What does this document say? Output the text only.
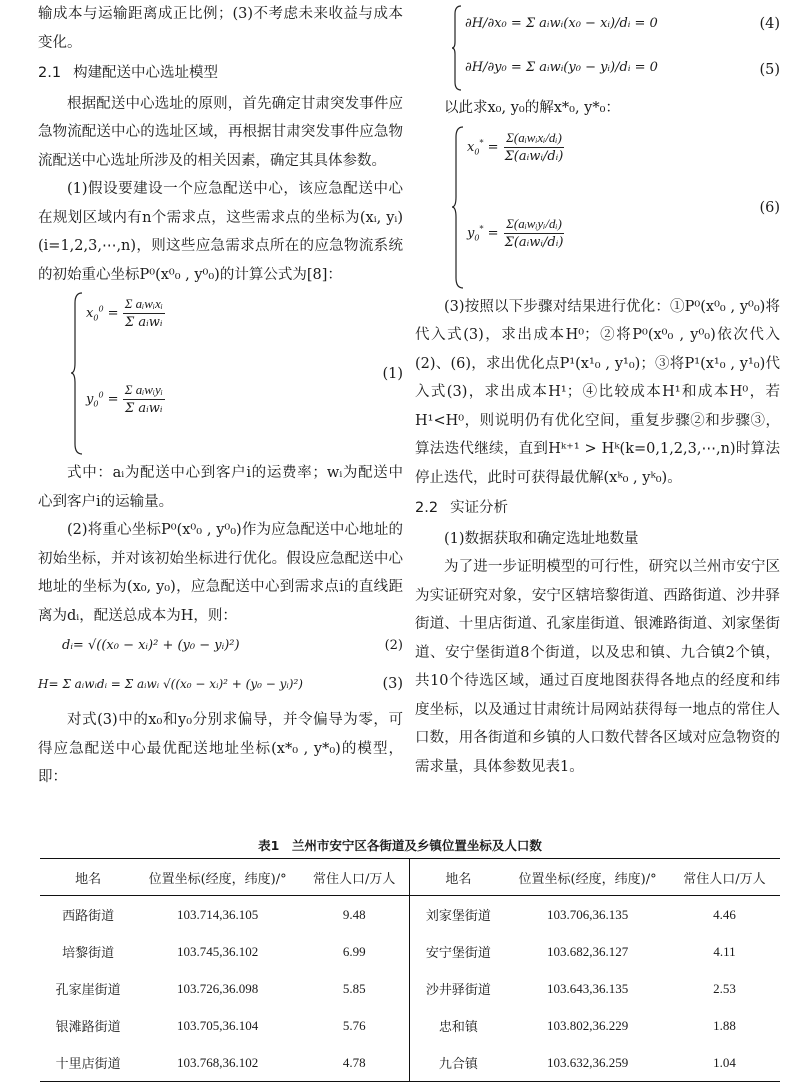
输成本与运输距离成正比例；(3)不考虑未来收益与成本变化。

2.1 构建配送中心选址模型

根据配送中心选址的原则，首先确定甘肃突发事件应急物流配送中心的选址区域，再根据甘肃突发事件应急物流配送中心选址所涉及的相关因素，确定其具体参数。

(1)假设要建设一个应急配送中心，该应急配送中心在规划区域内有n个需求点，这些需求点的坐标为(xᵢ, yᵢ)(i=1,2,3,⋯,n)，则这些应急需求点所在的应急物流系统的初始重心坐标P⁰(x⁰₀ , y⁰₀)的计算公式为[8]：

$x_0^0 = \frac{\text{Σ aᵢwᵢxᵢ}}{\text{Σ aᵢwᵢ}}$
$y_0^0 = \frac{\text{Σ aᵢwᵢyᵢ}}{\text{Σ aᵢwᵢ}}$
(1)

式中：aᵢ为配送中心到客户i的运费率；wᵢ为配送中心到客户i的运输量。

(2)将重心坐标P⁰(x⁰₀ , y⁰₀)作为应急配送中心地址的初始坐标，并对该初始坐标进行优化。假设应急配送中心地址的坐标为(x₀, y₀)，应急配送中心到需求点i的直线距离为dᵢ，配送总成本为H，则：

dᵢ= √((x₀ − xᵢ)² + (y₀ − yᵢ)²)	(2)
H= Σ aᵢwᵢdᵢ = Σ aᵢwᵢ √((x₀ − xᵢ)² + (y₀ − yᵢ)²)	(3)

对式(3)中的x₀和y₀分别求偏导，并令偏导为零，可得应急配送中心最优配送地址坐标(x*₀ , y*₀)的模型，即：

∂H/∂x₀ = Σ aᵢwᵢ(x₀ − xᵢ)/dᵢ = 0	(4)
∂H/∂y₀ = Σ aᵢwᵢ(y₀ − yᵢ)/dᵢ = 0	(5)

以此求x₀, y₀的解x*₀, y*₀：

$x_0^* = \frac{\text{Σ(aᵢwᵢxᵢ/dᵢ)}}{\text{Σ(aᵢwᵢ/dᵢ)}}$
$y_0^* = \frac{\text{Σ(aᵢwᵢyᵢ/dᵢ)}}{\text{Σ(aᵢwᵢ/dᵢ)}}$
(6)

(3)按照以下步骤对结果进行优化：①P⁰(x⁰₀ , y⁰₀)将代入式(3)，求出成本H⁰；②将P⁰(x⁰₀ , y⁰₀)依次代入(2)、(6)，求出优化点P¹(x¹₀ , y¹₀)；③将P¹(x¹₀ , y¹₀)代入式(3)，求出成本H¹；④比较成本H¹和成本H⁰，若H¹<H⁰，则说明仍有优化空间，重复步骤②和步骤③，算法迭代继续，直到Hᵏ⁺¹ > Hᵏ(k=0,1,2,3,⋯,n)时算法停止迭代，此时可获得最优解(xᵏ₀ , yᵏ₀)。

2.2 实证分析

(1)数据获取和确定选址地数量

为了进一步证明模型的可行性，研究以兰州市安宁区为实证研究对象，安宁区辖培黎街道、西路街道、沙井驿街道、十里店街道、孔家崖街道、银滩路街道、刘家堡街道、安宁堡街道8个街道，以及忠和镇、九合镇2个镇，共10个待选区域，通过百度地图获得各地点的经度和纬度坐标，以及通过甘肃统计局网站获得每一地点的常住人口数，用各街道和乡镇的人口数代替各区域对应急物资的需求量，具体参数见表1。

表1　兰州市安宁区各街道及乡镇位置坐标及人口数
地名	位置坐标(经度，纬度)/°	常住人口/万人	地名	位置坐标(经度，纬度)/°	常住人口/万人
西路街道	103.714,36.105	9.48	刘家堡街道	103.706,36.135	4.46
培黎街道	103.745,36.102	6.99	安宁堡街道	103.682,36.127	4.11
孔家崖街道	103.726,36.098	5.85	沙井驿街道	103.643,36.135	2.53
银滩路街道	103.705,36.104	5.76	忠和镇	103.802,36.229	1.88
十里店街道	103.768,36.102	4.78	九合镇	103.632,36.259	1.04
